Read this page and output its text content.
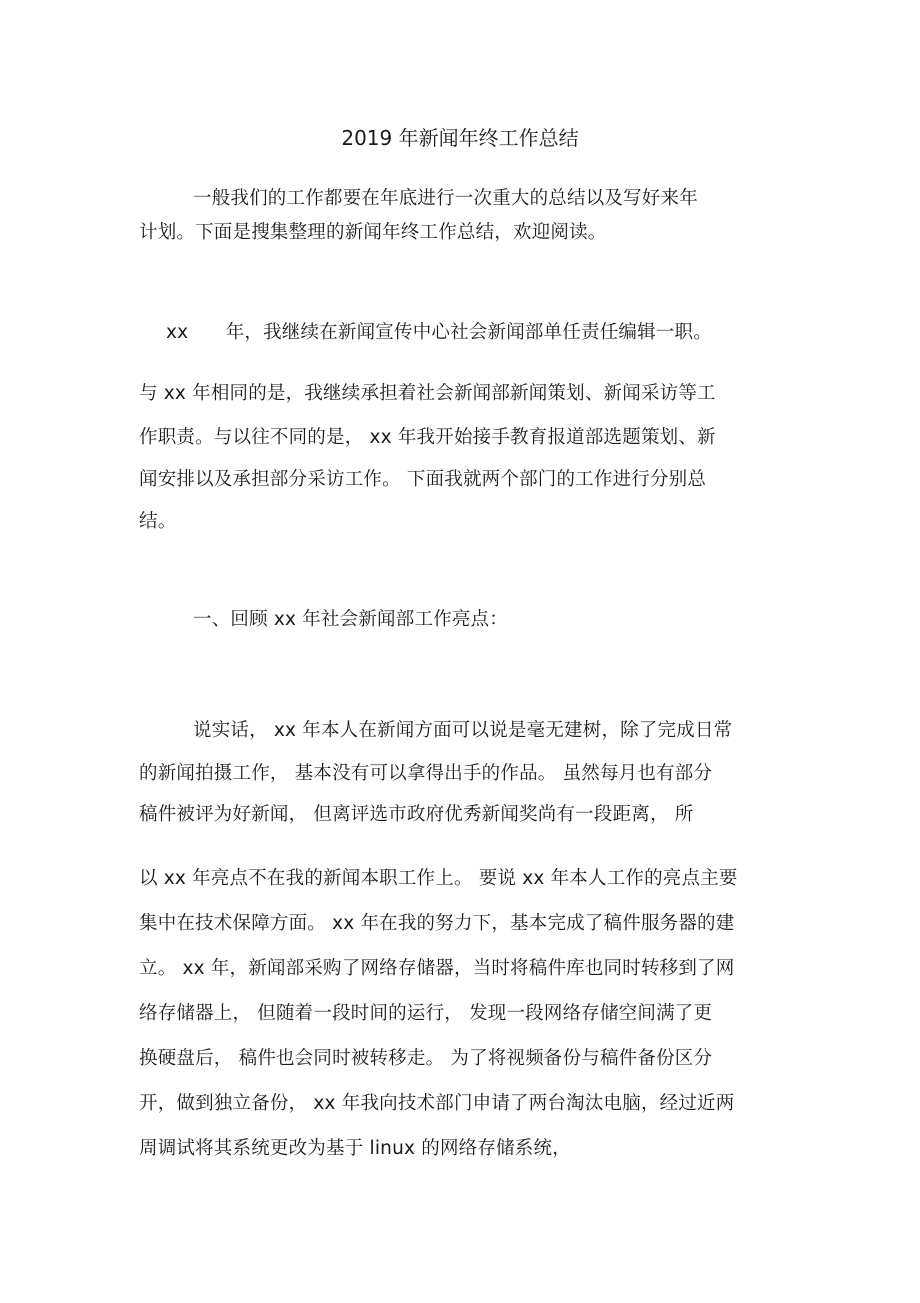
2019 年新闻年终工作总结
一般我们的工作都要在年底进行一次重大的总结以及写好来年
计划。下面是搜集整理的新闻年终工作总结，欢迎阅读。
xx　　年，我继续在新闻宣传中心社会新闻部单任责任编辑一职。
与 xx 年相同的是，我继续承担着社会新闻部新闻策划、新闻采访等工
作职责。与以往不同的是， xx 年我开始接手教育报道部选题策划、新
闻安排以及承担部分采访工作。 下面我就两个部门的工作进行分别总
结。
一、回顾 xx 年社会新闻部工作亮点：
说实话， xx 年本人在新闻方面可以说是毫无建树，除了完成日常
的新闻拍摄工作， 基本没有可以拿得出手的作品。 虽然每月也有部分
稿件被评为好新闻， 但离评选市政府优秀新闻奖尚有一段距离， 所
以 xx 年亮点不在我的新闻本职工作上。 要说 xx 年本人工作的亮点主要
集中在技术保障方面。 xx 年在我的努力下，基本完成了稿件服务器的建
立。 xx 年，新闻部采购了网络存储器，当时将稿件库也同时转移到了网
络存储器上， 但随着一段时间的运行， 发现一段网络存储空间满了更
换硬盘后， 稿件也会同时被转移走。 为了将视频备份与稿件备份区分
开，做到独立备份， xx 年我向技术部门申请了两台淘汰电脑，经过近两
周调试将其系统更改为基于 linux 的网络存储系统，
